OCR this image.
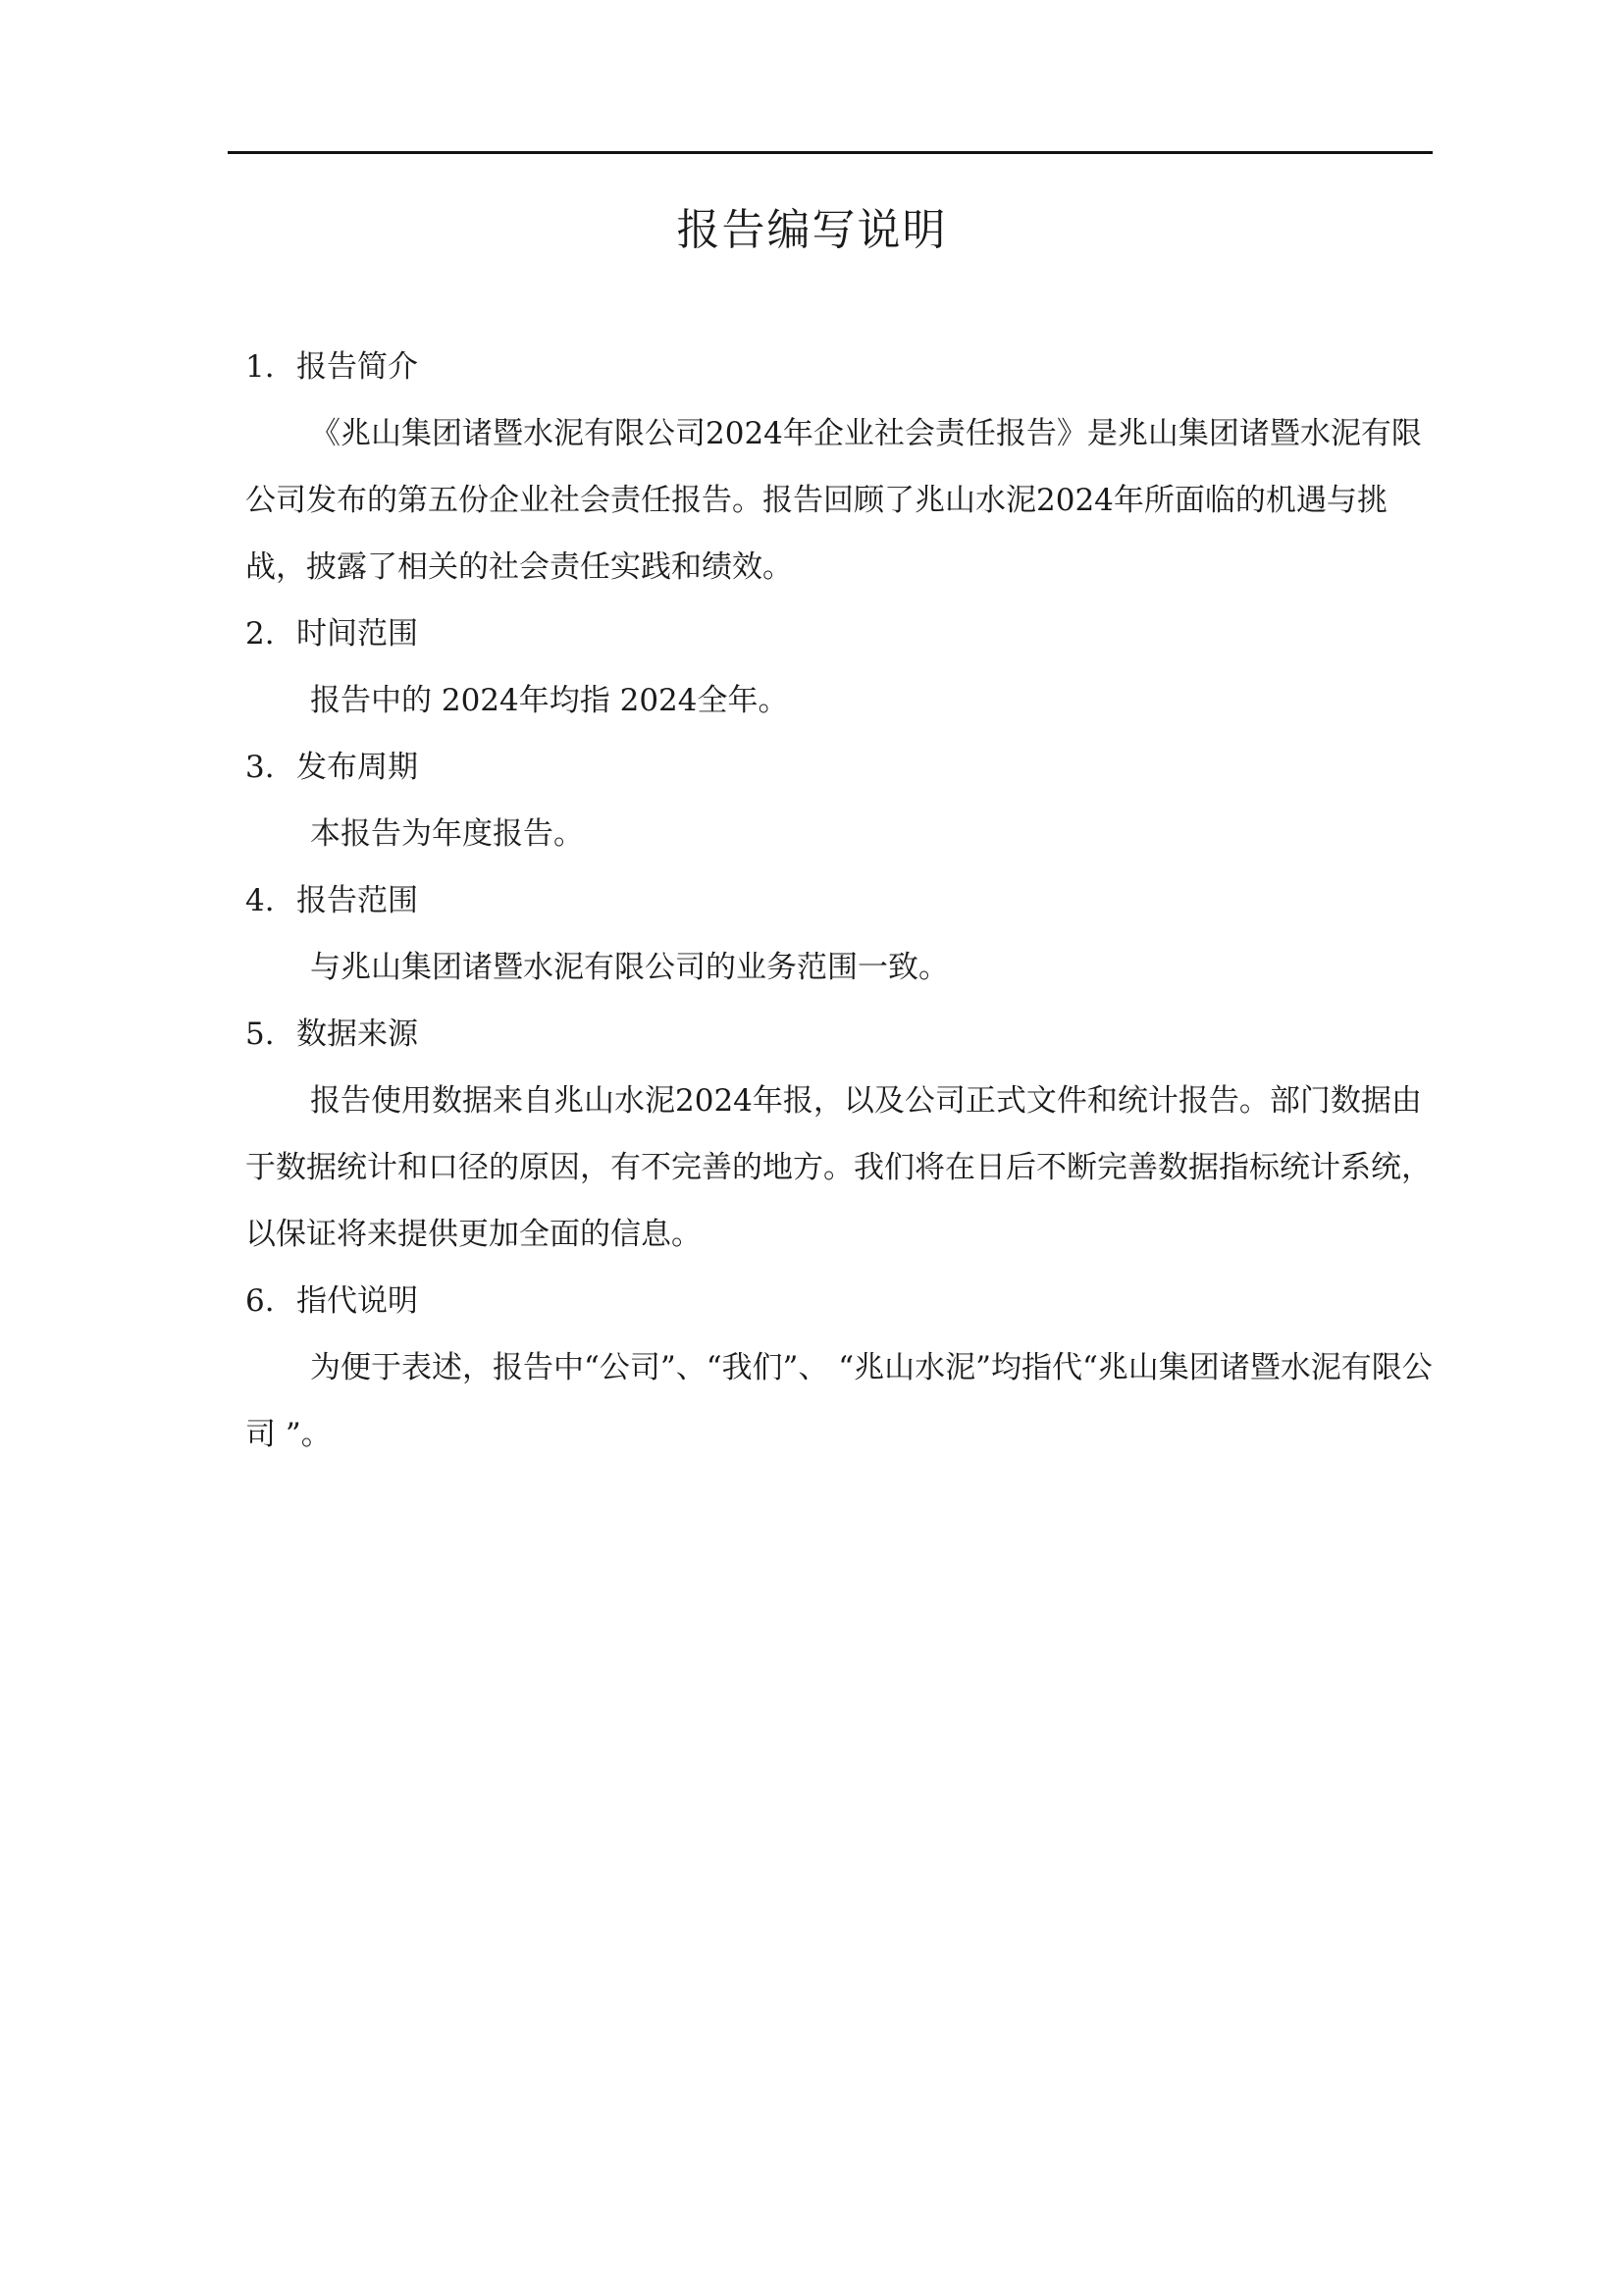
报告编写说明
1. 报告简介

《兆山集团诸暨水泥有限公司2024年企业社会责任报告》是兆山集团诸暨水泥有限公司发布的第五份企业社会责任报告。报告回顾了兆山水泥2024年所面临的机遇与挑战，披露了相关的社会责任实践和绩效。

2. 时间范围

报告中的 2024年均指 2024全年。

3. 发布周期

本报告为年度报告。

4. 报告范围

与兆山集团诸暨水泥有限公司的业务范围一致。

5. 数据来源

报告使用数据来自兆山水泥2024年报，以及公司正式文件和统计报告。部门数据由于数据统计和口径的原因，有不完善的地方。我们将在日后不断完善数据指标统计系统，以保证将来提供更加全面的信息。

6. 指代说明

为便于表述，报告中“公司”、“我们”、 “兆山水泥”均指代“兆山集团诸暨水泥有限公司 ”。
